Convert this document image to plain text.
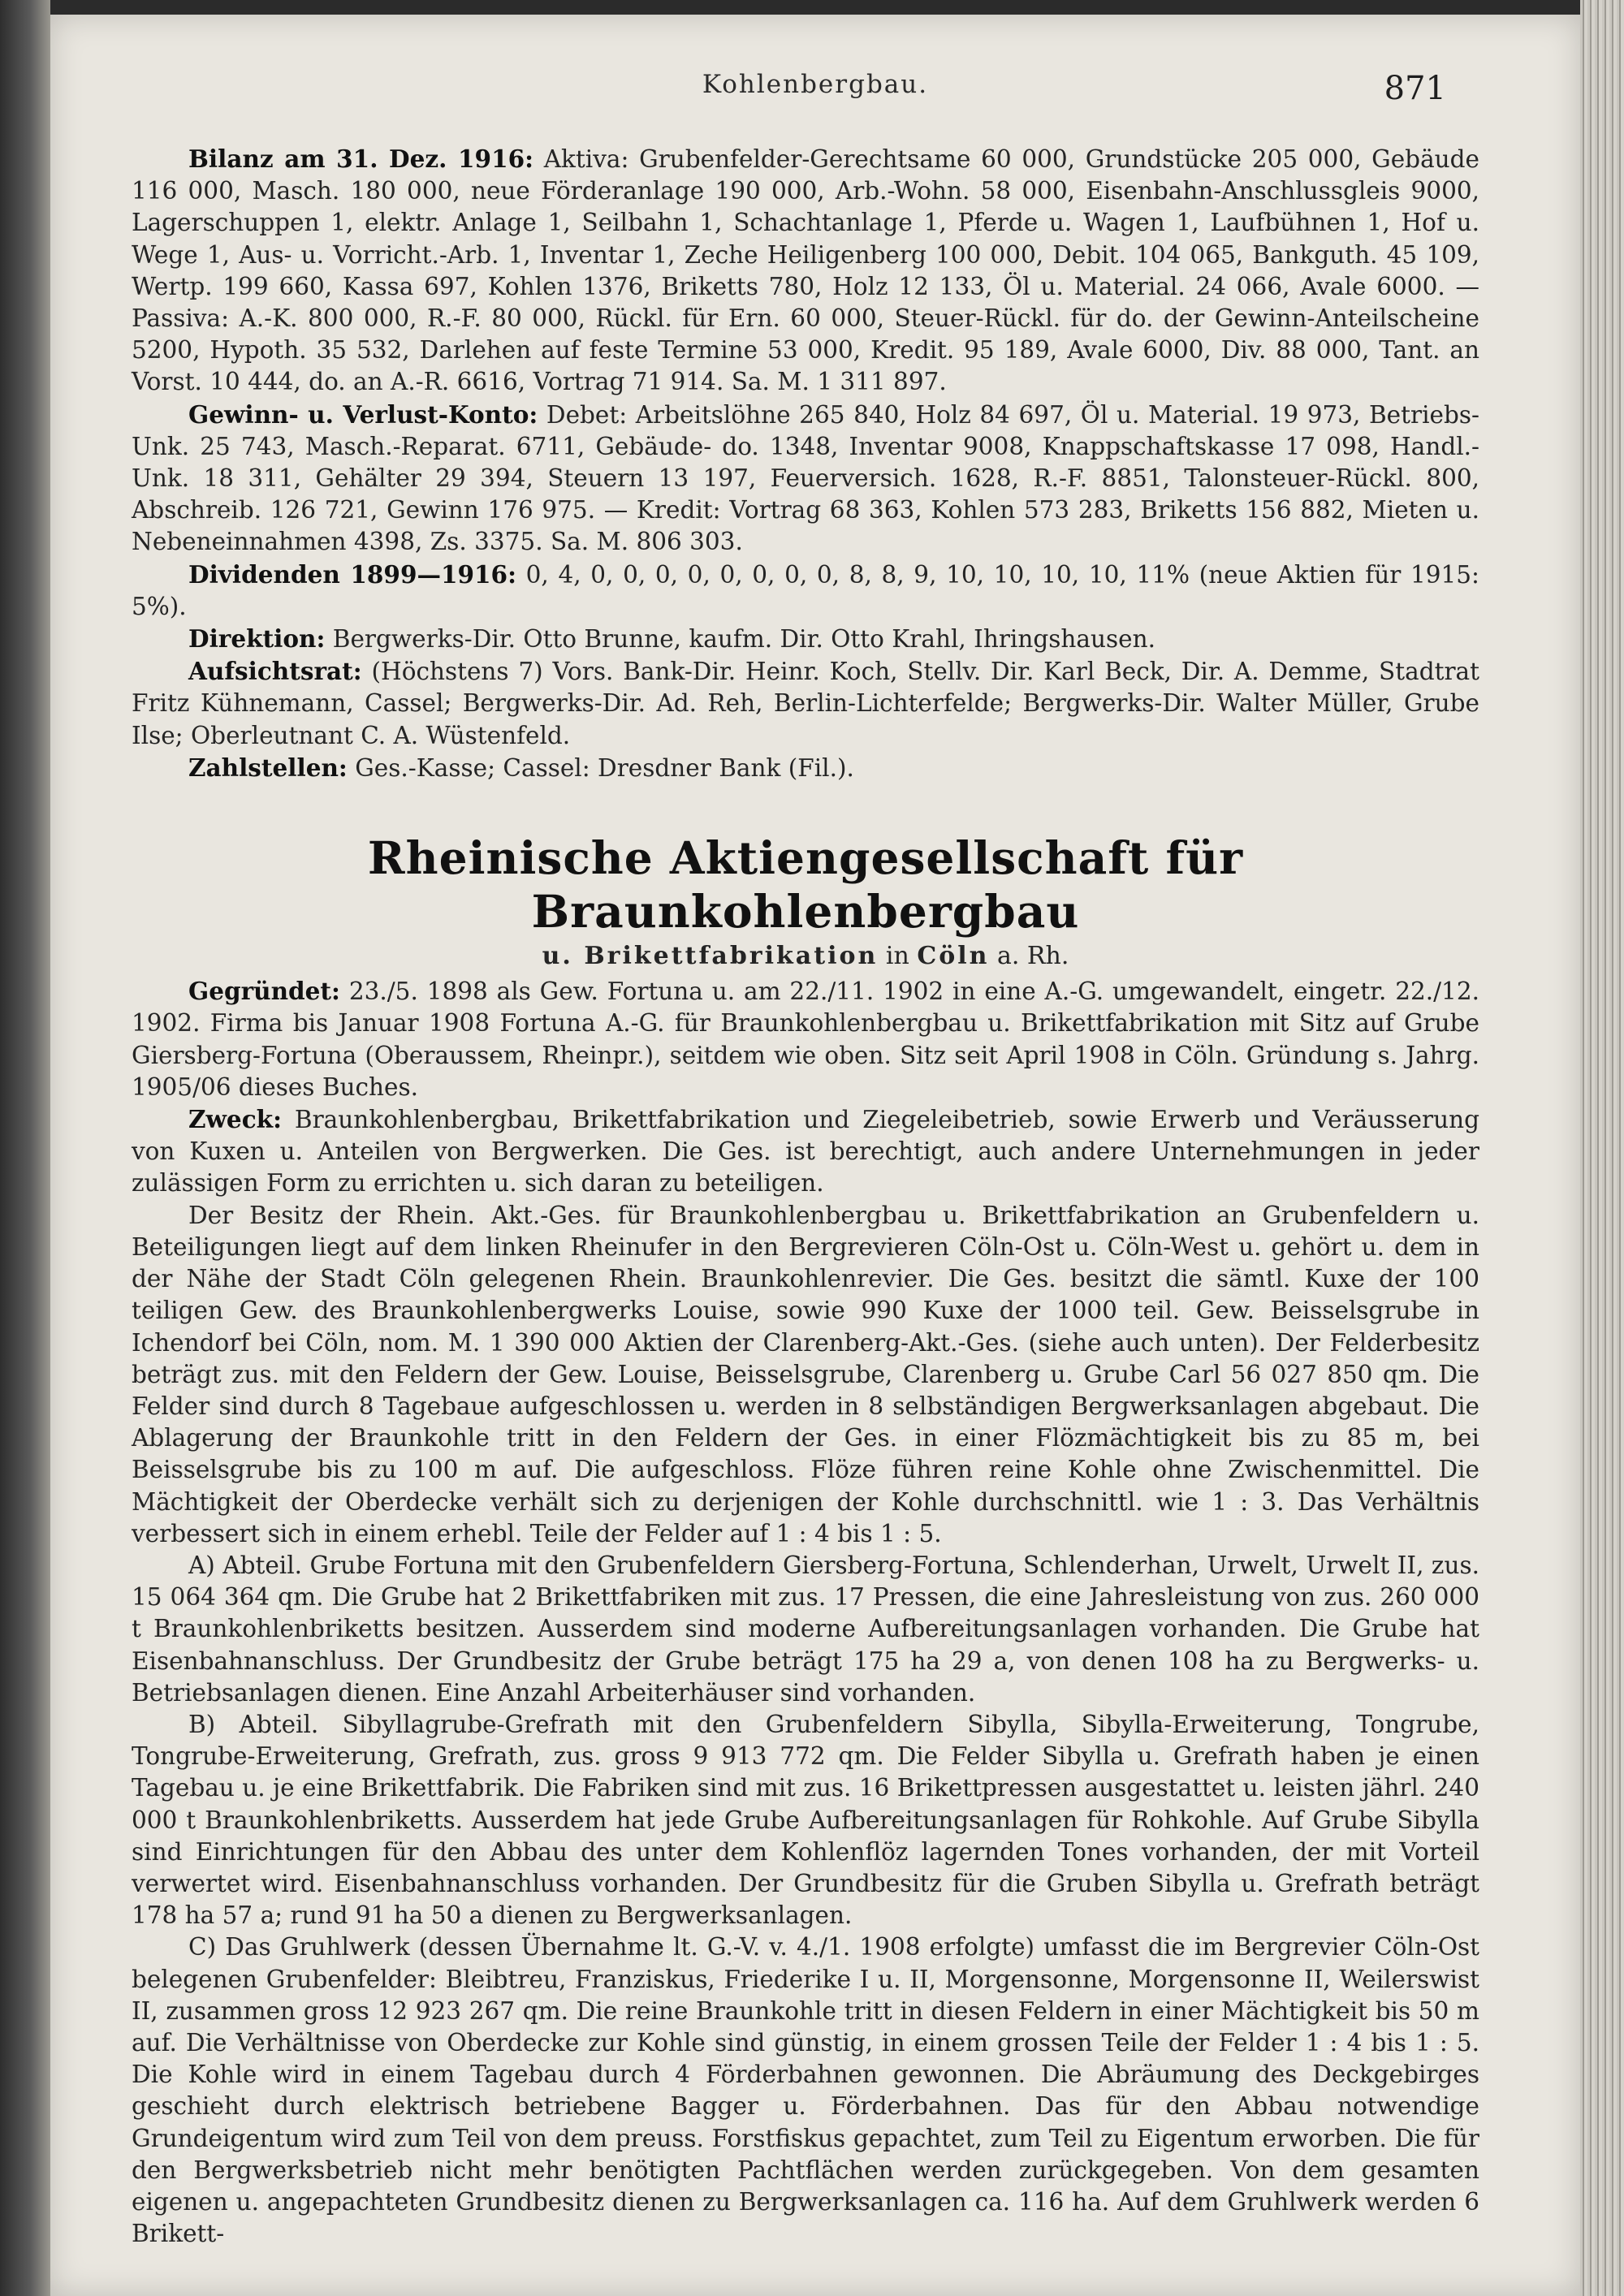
Kohlenbergbau.	871

Bilanz am 31. Dez. 1916: Aktiva: Grubenfelder-Gerechtsame 60 000, Grundstücke 205 000, Gebäude 116 000, Masch. 180 000, neue Förderanlage 190 000, Arb.-Wohn. 58 000, Eisenbahn-Anschlussgleis 9000, Lagerschuppen 1, elektr. Anlage 1, Seilbahn 1, Schachtanlage 1, Pferde u. Wagen 1, Laufbühnen 1, Hof u. Wege 1, Aus- u. Vorricht.-Arb. 1, Inventar 1, Zeche Heiligenberg 100 000, Debit. 104 065, Bankguth. 45 109, Wertp. 199 660, Kassa 697, Kohlen 1376, Briketts 780, Holz 12 133, Öl u. Material. 24 066, Avale 6000. — Passiva: A.-K. 800 000, R.-F. 80 000, Rückl. für Ern. 60 000, Steuer-Rückl. für do. der Gewinn-Anteilscheine 5200, Hypoth. 35 532, Darlehen auf feste Termine 53 000, Kredit. 95 189, Avale 6000, Div. 88 000, Tant. an Vorst. 10 444, do. an A.-R. 6616, Vortrag 71 914. Sa. M. 1 311 897.

Gewinn- u. Verlust-Konto: Debet: Arbeitslöhne 265 840, Holz 84 697, Öl u. Material. 19 973, Betriebs-Unk. 25 743, Masch.-Reparat. 6711, Gebäude- do. 1348, Inventar 9008, Knappschaftskasse 17 098, Handl.-Unk. 18 311, Gehälter 29 394, Steuern 13 197, Feuerversich. 1628, R.-F. 8851, Talonsteuer-Rückl. 800, Abschreib. 126 721, Gewinn 176 975. — Kredit: Vortrag 68 363, Kohlen 573 283, Briketts 156 882, Mieten u. Nebeneinnahmen 4398, Zs. 3375. Sa. M. 806 303.

Dividenden 1899—1916: 0, 4, 0, 0, 0, 0, 0, 0, 0, 0, 8, 8, 9, 10, 10, 10, 10, 11% (neue Aktien für 1915: 5%).

Direktion: Bergwerks-Dir. Otto Brunne, kaufm. Dir. Otto Krahl, Ihringshausen.

Aufsichtsrat: (Höchstens 7) Vors. Bank-Dir. Heinr. Koch, Stellv. Dir. Karl Beck, Dir. A. Demme, Stadtrat Fritz Kühnemann, Cassel; Bergwerks-Dir. Ad. Reh, Berlin-Lichterfelde; Bergwerks-Dir. Walter Müller, Grube Ilse; Oberleutnant C. A. Wüstenfeld.

Zahlstellen: Ges.-Kasse; Cassel: Dresdner Bank (Fil.).

Rheinische Aktiengesellschaft für Braunkohlenbergbau
u. Brikettfabrikation in Cöln a. Rh.

Gegründet: 23./5. 1898 als Gew. Fortuna u. am 22./11. 1902 in eine A.-G. umgewandelt, eingetr. 22./12. 1902. Firma bis Januar 1908 Fortuna A.-G. für Braunkohlenbergbau u. Brikettfabrikation mit Sitz auf Grube Giersberg-Fortuna (Oberaussem, Rheinpr.), seitdem wie oben. Sitz seit April 1908 in Cöln. Gründung s. Jahrg. 1905/06 dieses Buches.

Zweck: Braunkohlenbergbau, Brikettfabrikation und Ziegeleibetrieb, sowie Erwerb und Veräusserung von Kuxen u. Anteilen von Bergwerken. Die Ges. ist berechtigt, auch andere Unternehmungen in jeder zulässigen Form zu errichten u. sich daran zu beteiligen.

Der Besitz der Rhein. Akt.-Ges. für Braunkohlenbergbau u. Brikettfabrikation an Grubenfeldern u. Beteiligungen liegt auf dem linken Rheinufer in den Bergrevieren Cöln-Ost u. Cöln-West u. gehört u. dem in der Nähe der Stadt Cöln gelegenen Rhein. Braunkohlenrevier. Die Ges. besitzt die sämtl. Kuxe der 100 teiligen Gew. des Braunkohlenbergwerks Louise, sowie 990 Kuxe der 1000 teil. Gew. Beisselsgrube in Ichendorf bei Cöln, nom. M. 1 390 000 Aktien der Clarenberg-Akt.-Ges. (siehe auch unten). Der Felderbesitz beträgt zus. mit den Feldern der Gew. Louise, Beisselsgrube, Clarenberg u. Grube Carl 56 027 850 qm. Die Felder sind durch 8 Tagebaue aufgeschlossen u. werden in 8 selbständigen Bergwerksanlagen abgebaut. Die Ablagerung der Braunkohle tritt in den Feldern der Ges. in einer Flözmächtigkeit bis zu 85 m, bei Beisselsgrube bis zu 100 m auf. Die aufgeschloss. Flöze führen reine Kohle ohne Zwischenmittel. Die Mächtigkeit der Oberdecke verhält sich zu derjenigen der Kohle durchschnittl. wie 1 : 3. Das Verhältnis verbessert sich in einem erhebl. Teile der Felder auf 1 : 4 bis 1 : 5.

A) Abteil. Grube Fortuna mit den Grubenfeldern Giersberg-Fortuna, Schlenderhan, Urwelt, Urwelt II, zus. 15 064 364 qm. Die Grube hat 2 Brikettfabriken mit zus. 17 Pressen, die eine Jahresleistung von zus. 260 000 t Braunkohlenbriketts besitzen. Ausserdem sind moderne Aufbereitungsanlagen vorhanden. Die Grube hat Eisenbahnanschluss. Der Grundbesitz der Grube beträgt 175 ha 29 a, von denen 108 ha zu Bergwerks- u. Betriebsanlagen dienen. Eine Anzahl Arbeiterhäuser sind vorhanden.

B) Abteil. Sibyllagrube-Grefrath mit den Grubenfeldern Sibylla, Sibylla-Erweiterung, Tongrube, Tongrube-Erweiterung, Grefrath, zus. gross 9 913 772 qm. Die Felder Sibylla u. Grefrath haben je einen Tagebau u. je eine Brikettfabrik. Die Fabriken sind mit zus. 16 Brikettpressen ausgestattet u. leisten jährl. 240 000 t Braunkohlenbriketts. Ausserdem hat jede Grube Aufbereitungsanlagen für Rohkohle. Auf Grube Sibylla sind Einrichtungen für den Abbau des unter dem Kohlenflöz lagernden Tones vorhanden, der mit Vorteil verwertet wird. Eisenbahnanschluss vorhanden. Der Grundbesitz für die Gruben Sibylla u. Grefrath beträgt 178 ha 57 a; rund 91 ha 50 a dienen zu Bergwerksanlagen.

C) Das Gruhlwerk (dessen Übernahme lt. G.-V. v. 4./1. 1908 erfolgte) umfasst die im Bergrevier Cöln-Ost belegenen Grubenfelder: Bleibtreu, Franziskus, Friederike I u. II, Morgensonne, Morgensonne II, Weilerswist II, zusammen gross 12 923 267 qm. Die reine Braunkohle tritt in diesen Feldern in einer Mächtigkeit bis 50 m auf. Die Verhältnisse von Oberdecke zur Kohle sind günstig, in einem grossen Teile der Felder 1 : 4 bis 1 : 5. Die Kohle wird in einem Tagebau durch 4 Förderbahnen gewonnen. Die Abräumung des Deckgebirges geschieht durch elektrisch betriebene Bagger u. Förderbahnen. Das für den Abbau notwendige Grundeigentum wird zum Teil von dem preuss. Forstfiskus gepachtet, zum Teil zu Eigentum erworben. Die für den Bergwerksbetrieb nicht mehr benötigten Pachtflächen werden zurückgegeben. Von dem gesamten eigenen u. angepachteten Grundbesitz dienen zu Bergwerksanlagen ca. 116 ha. Auf dem Gruhlwerk werden 6 Brikett-
